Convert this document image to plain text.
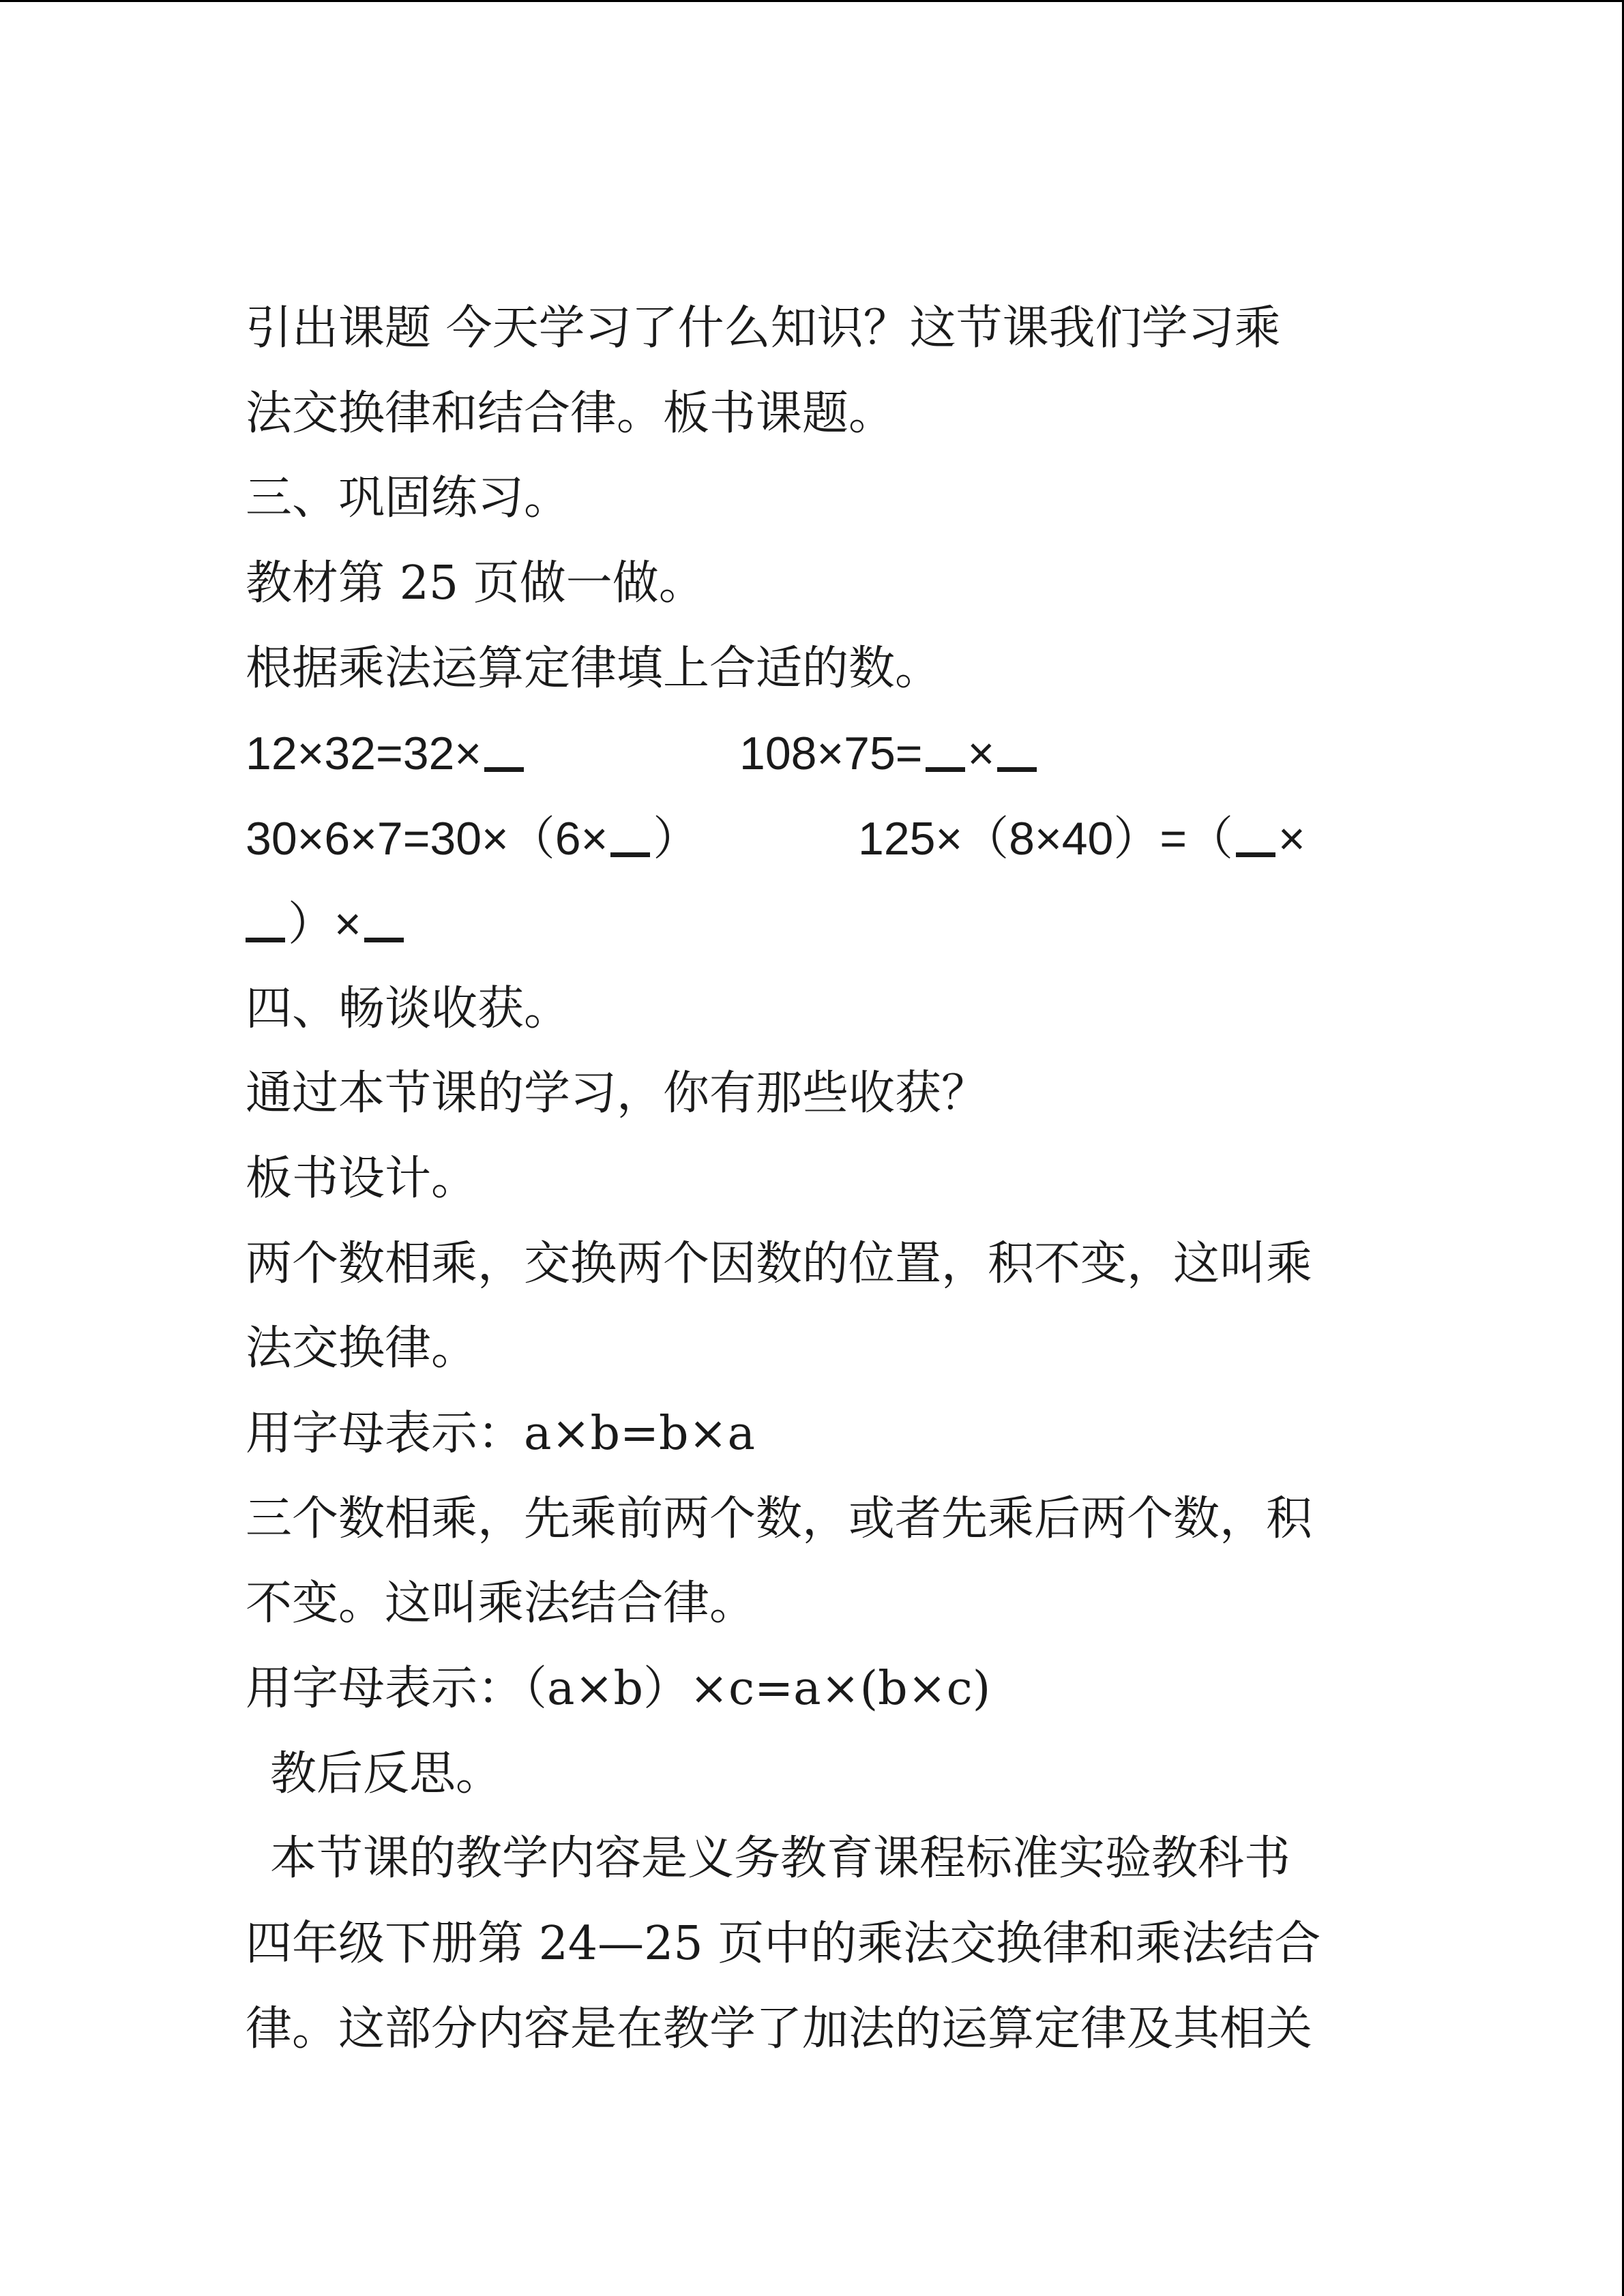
引出课题 今天学习了什么知识？这节课我们学习乘
法交换律和结合律。板书课题。
三、巩固练习。
教材第 25 页做一做。
根据乘法运算定律填上合适的数。
12×32=32×	108×75= ×
30×6×7=30×（6× ）	125×（8×40）=（ ×
）×
四、畅谈收获。
通过本节课的学习，你有那些收获？
板书设计。
两个数相乘，交换两个因数的位置，积不变，这叫乘
法交换律。
用字母表示：a×b=b×a
三个数相乘，先乘前两个数，或者先乘后两个数，积
不变。这叫乘法结合律。
用字母表示：（a×b）×c=a×(b×c)
教后反思。
本节课的教学内容是义务教育课程标准实验教科书
四年级下册第 24—25 页中的乘法交换律和乘法结合
律。这部分内容是在教学了加法的运算定律及其相关
